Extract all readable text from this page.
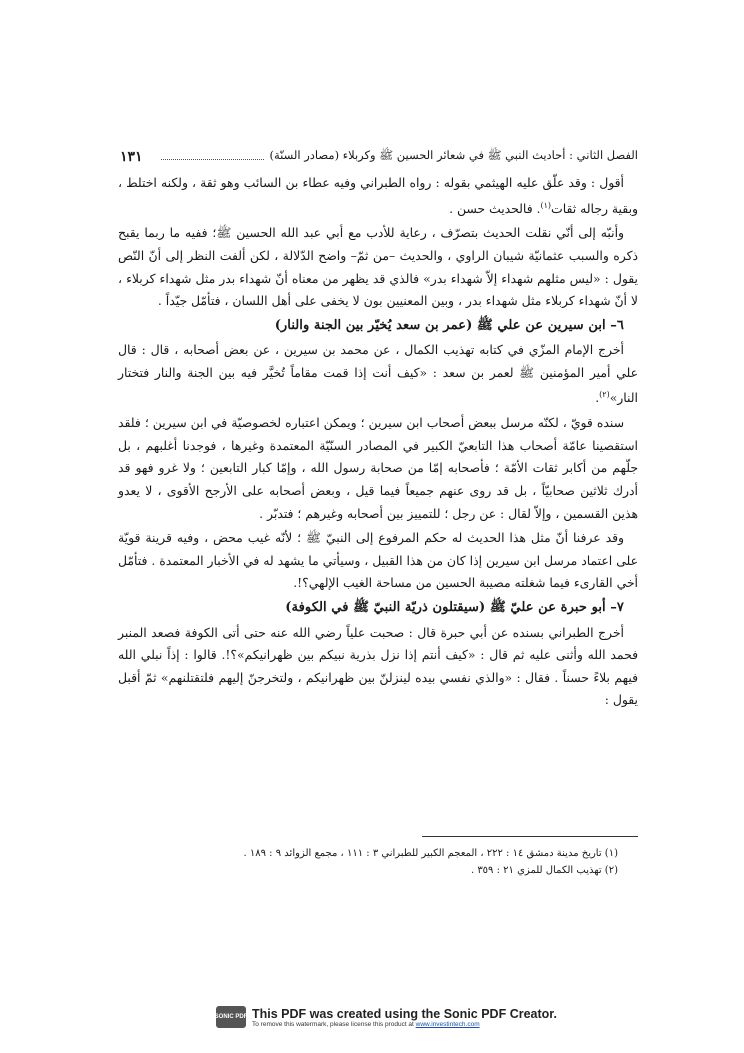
الفصل الثاني : أحاديث النبي ﷺ في شعائر الحسين ﷺ وكربلاء (مصادر السنّة)
١٣١

أقول : وقد علّق عليه الهيثمي بقوله : رواه الطبراني وفيه عطاء بن السائب وهو ثقة ، ولكنه اختلط ، وبقية رجاله ثقات$^{(١)}$. فالحديث حسن .

وأنبّه إلى أنّي نقلت الحديث بتصرّف ، رعاية للأدب مع أبي عبد الله الحسين ﷺ؛ ففيه ما ربما يقبح ذكره والسبب عثمانيّة شيبان الراوي ، والحديث –من ثمّ– واضح الدّلالة ، لكن ألفت النظر إلى أنّ النّص يقول : «ليس مثلهم شهداء إلاّ شهداء بدر» فالذي قد يظهر من معناه أنّ شهداء بدر مثل شهداء كربلاء ، لا أنّ شهداء كربلاء مثل شهداء بدر ، وبين المعنيين بون لا يخفى على أهل اللسان ، فتأمّل جيّداً .

٦– ابن سيرين عن علي ﷺ (عمر بن سعد يُخيّر بين الجنة والنار)

أخرج الإمام المزّي في كتابه تهذيب الكمال ، عن محمد بن سيرين ، عن بعض أصحابه ، قال : قال علي أمير المؤمنين ﷺ لعمر بن سعد : «كيف أنت إذا قمت مقاماً تُخيَّر فيه بين الجنة والنار فتختار النار»$^{(٢)}$.

سنده قويّ ، لكنّه مرسل ببعض أصحاب ابن سيرين ؛ ويمكن اعتباره لخصوصيّة في ابن سيرين ؛ فلقد استقصينا عامّة أصحاب هذا التابعيّ الكبير في المصادر السنّيّة المعتمدة وغيرها ، فوجدنا أغلبهم ، بل جلّهم من أكابر ثقات الأمّة ؛ فأصحابه إمّا من صحابة رسول الله ، وإمّا كبار التابعين ؛ ولا غرو فهو قد أدرك ثلاثين صحابيّاً ، بل قد روى عنهم جميعاً فيما قيل ، وبعض أصحابه على الأرجح الأقوى ، لا يعدو هذين القسمين ، وإلاّ لقال : عن رجل ؛ للتمييز بين أصحابه وغيرهم ؛ فتدبّر .

وقد عرفنا أنّ مثل هذا الحديث له حكم المرفوع إلى النبيّ ﷺ ؛ لأنّه غيب محض ، وفيه قرينة قويّة على اعتماد مرسل ابن سيرين إذا كان من هذا القبيل ، وسيأتي ما يشهد له في الأخبار المعتمدة . فتأمّل أخي القارىء فيما شغلته مصيبة الحسين من مساحة الغيب الإلهي؟!.

٧– أبو حبرة عن عليّ ﷺ (سيقتلون ذريّة النبيّ ﷺ في الكوفة)

أخرج الطبراني بسنده عن أبي حبرة قال : صحبت علياً رضي الله عنه حتى أتى الكوفة فصعد المنبر فحمد الله وأثنى عليه ثم قال : «كيف أنتم إذا نزل بذرية نبيكم بين ظهرانيكم»؟!. قالوا : إذاً نبلي الله فيهم بلاءً حسناً . فقال : «والذي نفسي بيده لينزلنّ بين ظهرانيكم ، ولتخرجنّ إليهم فلتقتلنهم» ثمّ أقبل يقول :

(١) تاريخ مدينة دمشق ١٤ : ٢٢٢ ، المعجم الكبير للطبراني ٣ : ١١١ ، مجمع الزوائد ٩ : ١٨٩ .
(٢) تهذيب الكمال للمزي ٢١ : ٣٥٩ .
SONIC PDF This PDF was created using the Sonic PDF Creator.
To remove this watermark, please license this product at www.investintech.com
